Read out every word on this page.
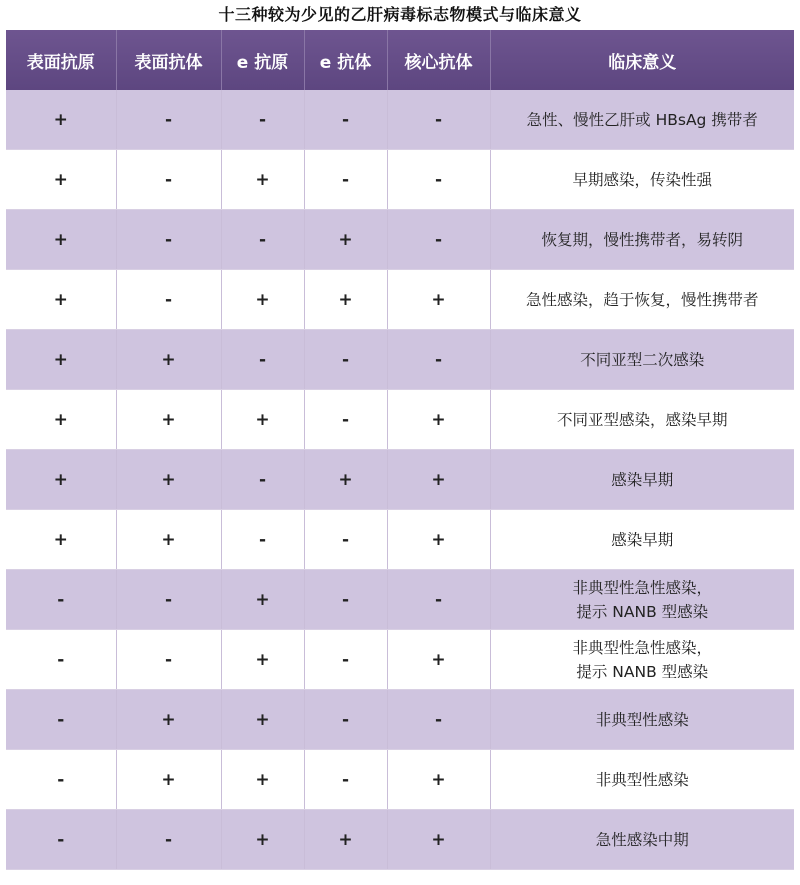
十三种较为少见的乙肝病毒标志物模式与临床意义
表面抗原	表面抗体	e 抗原	e 抗体	核心抗体	临床意义
+	-	-	-	-	急性、慢性乙肝或 HBsAg 携带者

+	-	+	-	-	早期感染，传染性强

+	-	-	+	-	恢复期，慢性携带者，易转阴

+	-	+	+	+	急性感染，趋于恢复，慢性携带者

+	+	-	-	-	不同亚型二次感染

+	+	+	-	+	不同亚型感染，感染早期

+	+	-	+	+	感染早期

+	+	-	-	+	感染早期

-	-	+	-	-	非典型性急性感染，
提示 NANB 型感染

-	-	+	-	+	非典型性急性感染，
提示 NANB 型感染

-	+	+	-	-	非典型性感染

-	+	+	-	+	非典型性感染

-	-	+	+	+	急性感染中期
